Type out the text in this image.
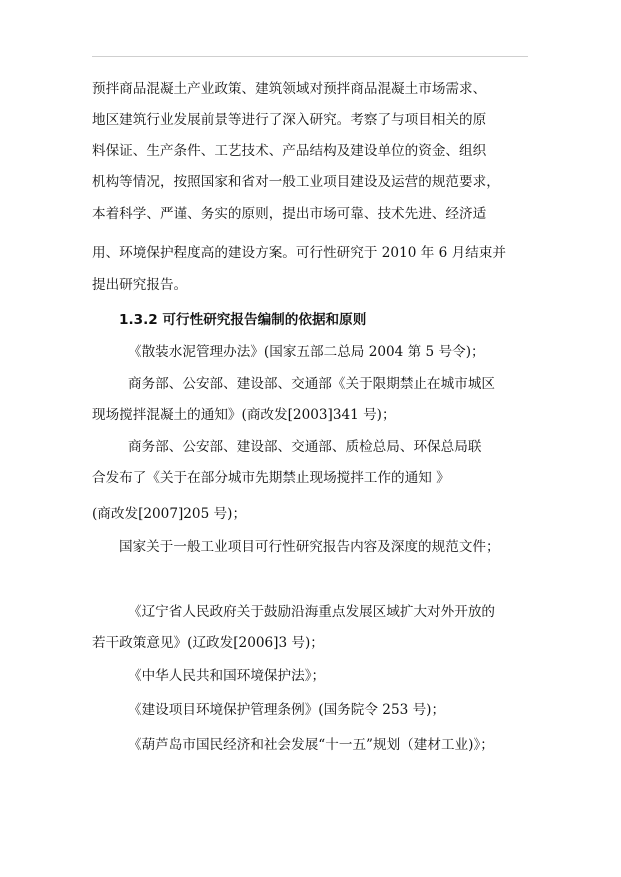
预拌商品混凝土产业政策、建筑领域对预拌商品混凝土市场需求、
地区建筑行业发展前景等进行了深入研究。考察了与项目相关的原
料保证、生产条件、工艺技术、产品结构及建设单位的资金、组织
机构等情况，按照国家和省对一般工业项目建设及运营的规范要求，
本着科学、严谨、务实的原则，提出市场可靠、技术先进、经济适
用、环境保护程度高的建设方案。可行性研究于 2010 年 6 月结束并
提出研究报告。
1.3.2 可行性研究报告编制的依据和原则
《散装水泥管理办法》(国家五部二总局 2004 第 5 号令)；
商务部、公安部、建设部、交通部《关于限期禁止在城市城区
现场搅拌混凝土的通知》(商改发[2003]341 号)；
商务部、公安部、建设部、交通部、质检总局、环保总局联
合发布了《关于在部分城市先期禁止现场搅拌工作的通知 》
(商改发[2007]205 号)；
国家关于一般工业项目可行性研究报告内容及深度的规范文件；
《辽宁省人民政府关于鼓励沿海重点发展区域扩大对外开放的
若干政策意见》(辽政发[2006]3 号)；
《中华人民共和国环境保护法》；
《建设项目环境保护管理条例》(国务院令 253 号)；
《葫芦岛市国民经济和社会发展“十一五”规划（建材工业)》；
